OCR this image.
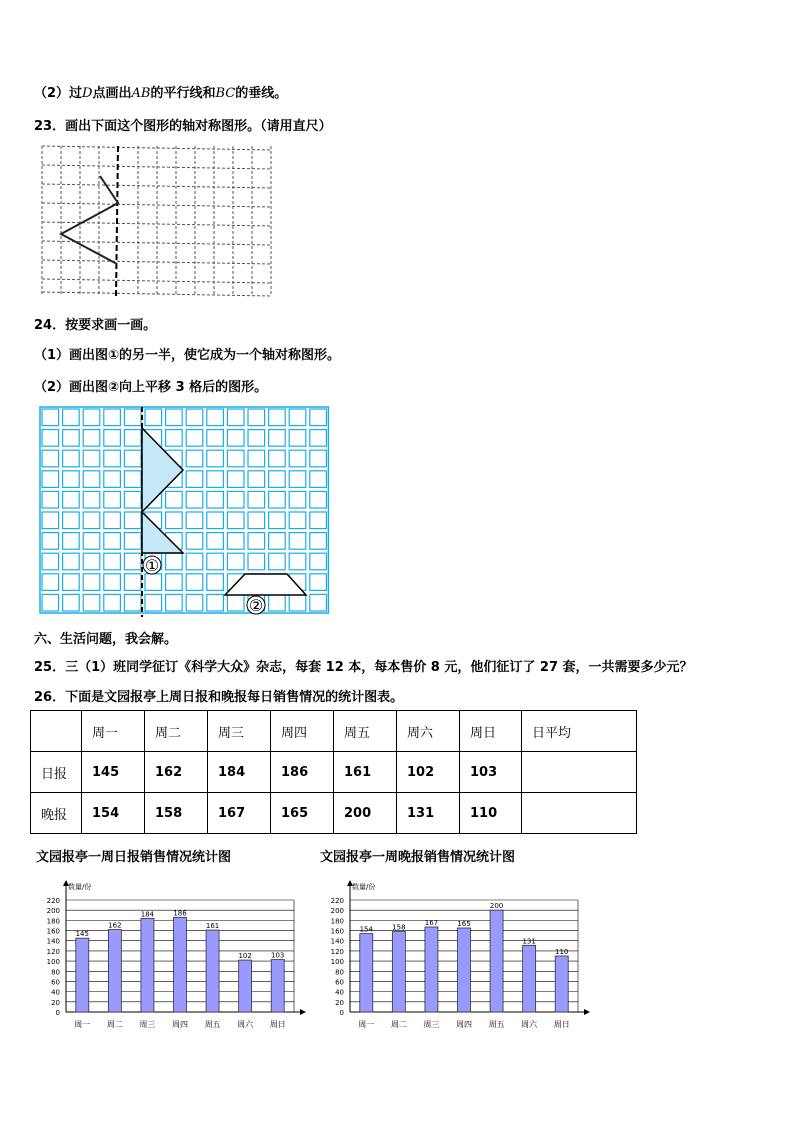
（2）过D点画出AB的平行线和BC的垂线。
23．画出下面这个图形的轴对称图形。（请用直尺）
24．按要求画一画。
（1）画出图①的另一半，使它成为一个轴对称图形。
（2）画出图②向上平移 3 格后的图形。
①
②
六、生活问题，我会解。
25．三（1）班同学征订《科学大众》杂志，每套 12 本，每本售价 8 元，他们征订了 27 套，一共需要多少元？
26．下面是文园报亭上周日报和晚报每日销售情况的统计图表。
	周一	周二	周三	周四	周五	周六	周日	日平均
日报	145	162	184	186	161	102	103	
晚报	154	158	167	165	200	131	110	
文园报亭一周日报销售情况统计图	文园报亭一周晚报销售情况统计图
0
20
40
60
80
100
120
140
160
180
200
220
数量/份
145
周一
162
周二
184
周三
186
周四
161
周五
102
周六
103
周日
0
20
40
60
80
100
120
140
160
180
200
220
数量/份
154
周一
158
周二
167
周三
165
周四
200
周五
131
周六
110
周日
